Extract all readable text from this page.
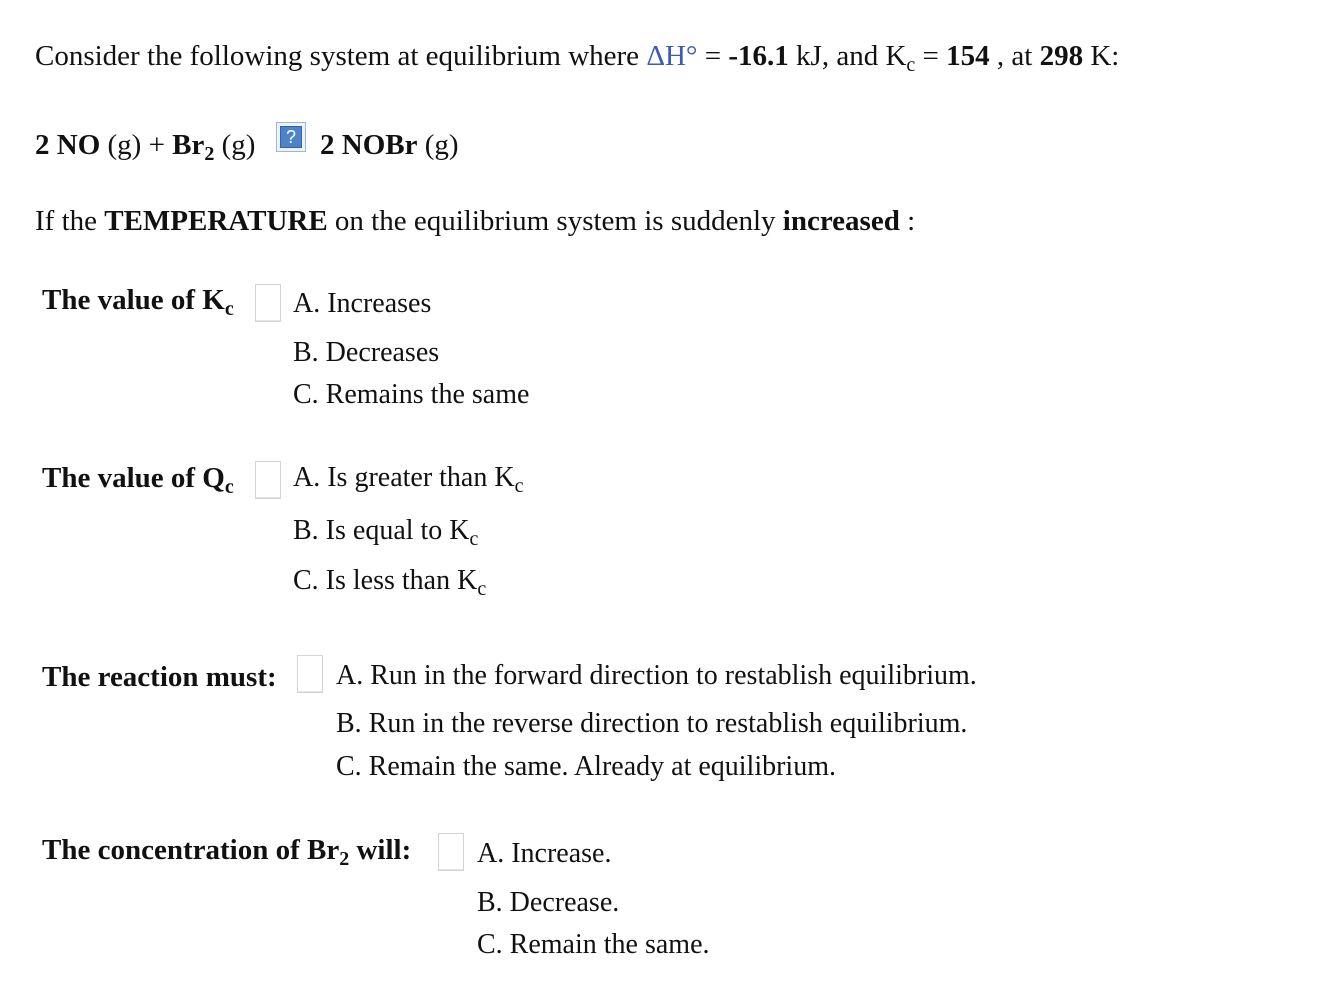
Consider the following system at equilibrium where ΔH° = -16.1 kJ, and $K_c = 154$ , at 298 K:
2 NO $(g) + Br_2$ (g)	? 2 NOBr (g)
If the TEMPERATURE on the equilibrium system is suddenly increased :
The value of $K_c$ A. Increases
B. Decreases
C. Remains the same
The value of $Q_c$ A. Is greater than $K_c$
B. Is equal to $K_c$
C. Is less than $K_c$
The reaction must: A. Run in the forward direction to restablish equilibrium.
B. Run in the reverse direction to restablish equilibrium.
C. Remain the same. Already at equilibrium.
The concentration of $Br_2$ will: A. Increase.
B. Decrease.
C. Remain the same.
